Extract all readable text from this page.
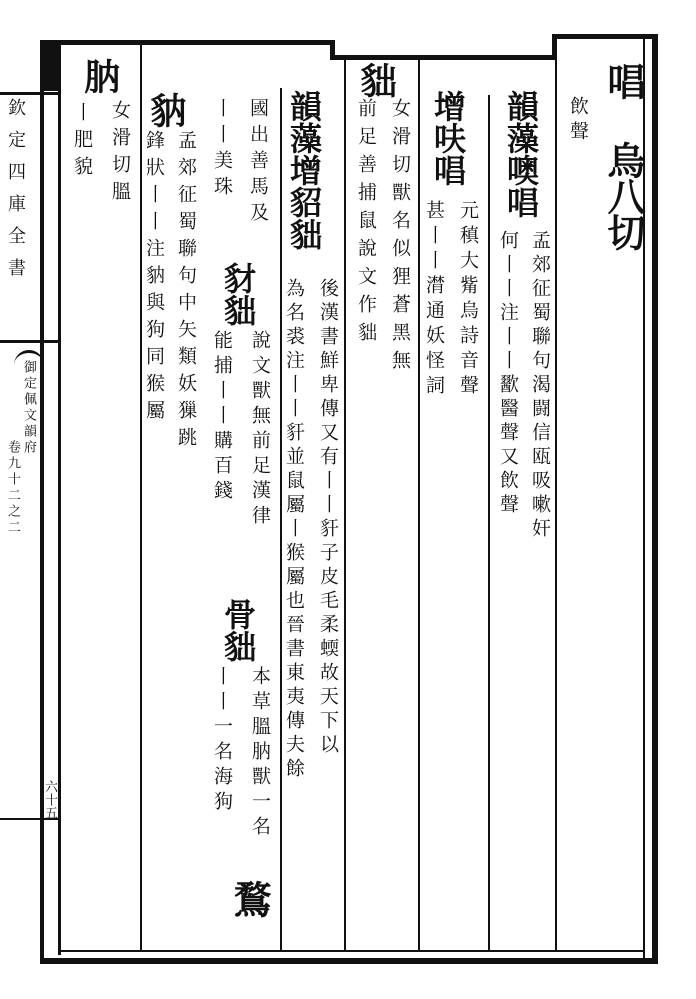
欽定四庫全書
御定佩文韻府
卷九十二之二
六十五
唱 烏八切
飲聲
韻藻噢唱
孟郊征蜀聯句渴闘信瓯吸嗽奸
何丨丨注丨丨歠醫聲又飲聲
增呋唱
元稹大觜烏詩音聲
甚丨丨潸通妖怪詞
貀
女滑切獸名似狸蒼黑無
前足善捕鼠說文作貀
韻藻增貂貀
後漢書鮮卑傳又有丨丨豻子皮毛柔蝡故天下以
為名裘注丨丨豻並鼠屬丨猴屬也晉書東夷傳夫餘
國出善馬及
豺貀
說文獸無前足漢律
骨貀
本草膃肭獸一名
鶩
丨丨美珠
能捕丨丨購百錢
丨丨一名海狗
豽
孟郊征蜀聯句中矢類妖㺐跳
鋒狀丨丨注豽與狗同猴屬
肭
女滑切膃
丨肥貌
